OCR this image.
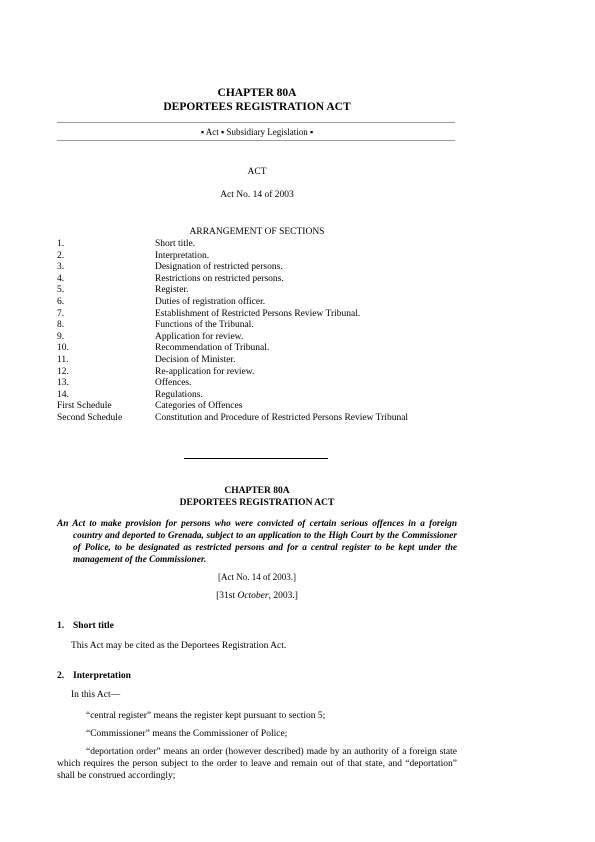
CHAPTER 80A
DEPORTEES REGISTRATION ACT
▪ Act ▪ Subsidiary Legislation ▪
ACT
Act No. 14 of 2003
ARRANGEMENT OF SECTIONS
1.	Short title.
2.	Interpretation.
3.	Designation of restricted persons.
4.	Restrictions on restricted persons.
5.	Register.
6.	Duties of registration officer.
7.	Establishment of Restricted Persons Review Tribunal.
8.	Functions of the Tribunal.
9.	Application for review.
10.	Recommendation of Tribunal.
11.	Decision of Minister.
12.	Re-application for review.
13.	Offences.
14.	Regulations.
First Schedule	Categories of Offences
Second Schedule	Constitution and Procedure of Restricted Persons Review Tribunal
CHAPTER 80A
DEPORTEES REGISTRATION ACT
An Act to make provision for persons who were convicted of certain serious offences in a foreign country and deported to Grenada, subject to an application to the High Court by the Commissioner of Police, to be designated as restricted persons and for a central register to be kept under the management of the Commissioner.
[Act No. 14 of 2003.]
[31st October, 2003.]
1. Short title
This Act may be cited as the Deportees Registration Act.
2. Interpretation
In this Act—
“central register” means the register kept pursuant to section 5;
“Commissioner” means the Commissioner of Police;
“deportation order” means an order (however described) made by an authority of a foreign state which requires the person subject to the order to leave and remain out of that state, and “deportation” shall be construed accordingly;
